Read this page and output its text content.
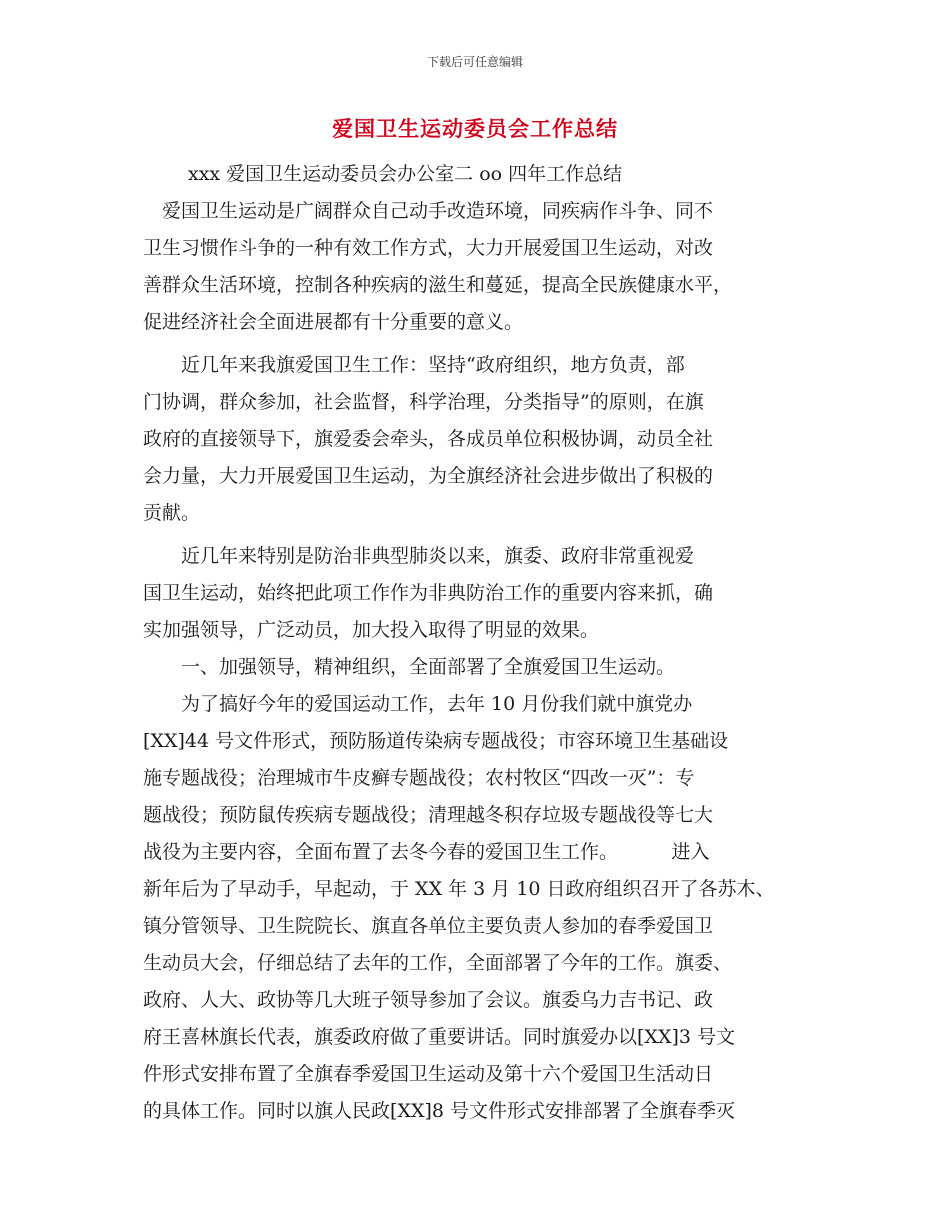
下载后可任意编辑
爱国卫生运动委员会工作总结
xxx 爱国卫生运动委员会办公室二 oo 四年工作总结
　爱国卫生运动是广阔群众自己动手改造环境，同疾病作斗争、同不
卫生习惯作斗争的一种有效工作方式，大力开展爱国卫生运动，对改
善群众生活环境，控制各种疾病的滋生和蔓延，提高全民族健康水平，
促进经济社会全面进展都有十分重要的意义。
　　近几年来我旗爱国卫生工作：坚持“政府组织，地方负责，部
门协调，群众参加，社会监督，科学治理，分类指导”的原则，在旗
政府的直接领导下，旗爱委会牵头，各成员单位积极协调，动员全社
会力量，大力开展爱国卫生运动，为全旗经济社会进步做出了积极的
贡献。
　　近几年来特别是防治非典型肺炎以来，旗委、政府非常重视爱
国卫生运动，始终把此项工作作为非典防治工作的重要内容来抓，确
实加强领导，广泛动员，加大投入取得了明显的效果。
　　一、加强领导，精神组织，全面部署了全旗爱国卫生运动。
　　为了搞好今年的爱国运动工作，去年 10 月份我们就中旗党办
[XX]44 号文件形式，预防肠道传染病专题战役；市容环境卫生基础设
施专题战役；治理城市牛皮癣专题战役；农村牧区“四改一灭”：专
题战役；预防鼠传疾病专题战役；清理越冬积存垃圾专题战役等七大
战役为主要内容，全面布置了去冬今春的爱国卫生工作。　　　 进入
新年后为了早动手，早起动，于 XX 年 3 月 10 日政府组织召开了各苏木、
镇分管领导、卫生院院长、旗直各单位主要负责人参加的春季爱国卫
生动员大会，仔细总结了去年的工作，全面部署了今年的工作。旗委、
政府、人大、政协等几大班子领导参加了会议。旗委乌力吉书记、政
府王喜林旗长代表，旗委政府做了重要讲话。同时旗爱办以[XX]3 号文
件形式安排布置了全旗春季爱国卫生运动及第十六个爱国卫生活动日
的具体工作。同时以旗人民政[XX]8 号文件形式安排部署了全旗春季灭
